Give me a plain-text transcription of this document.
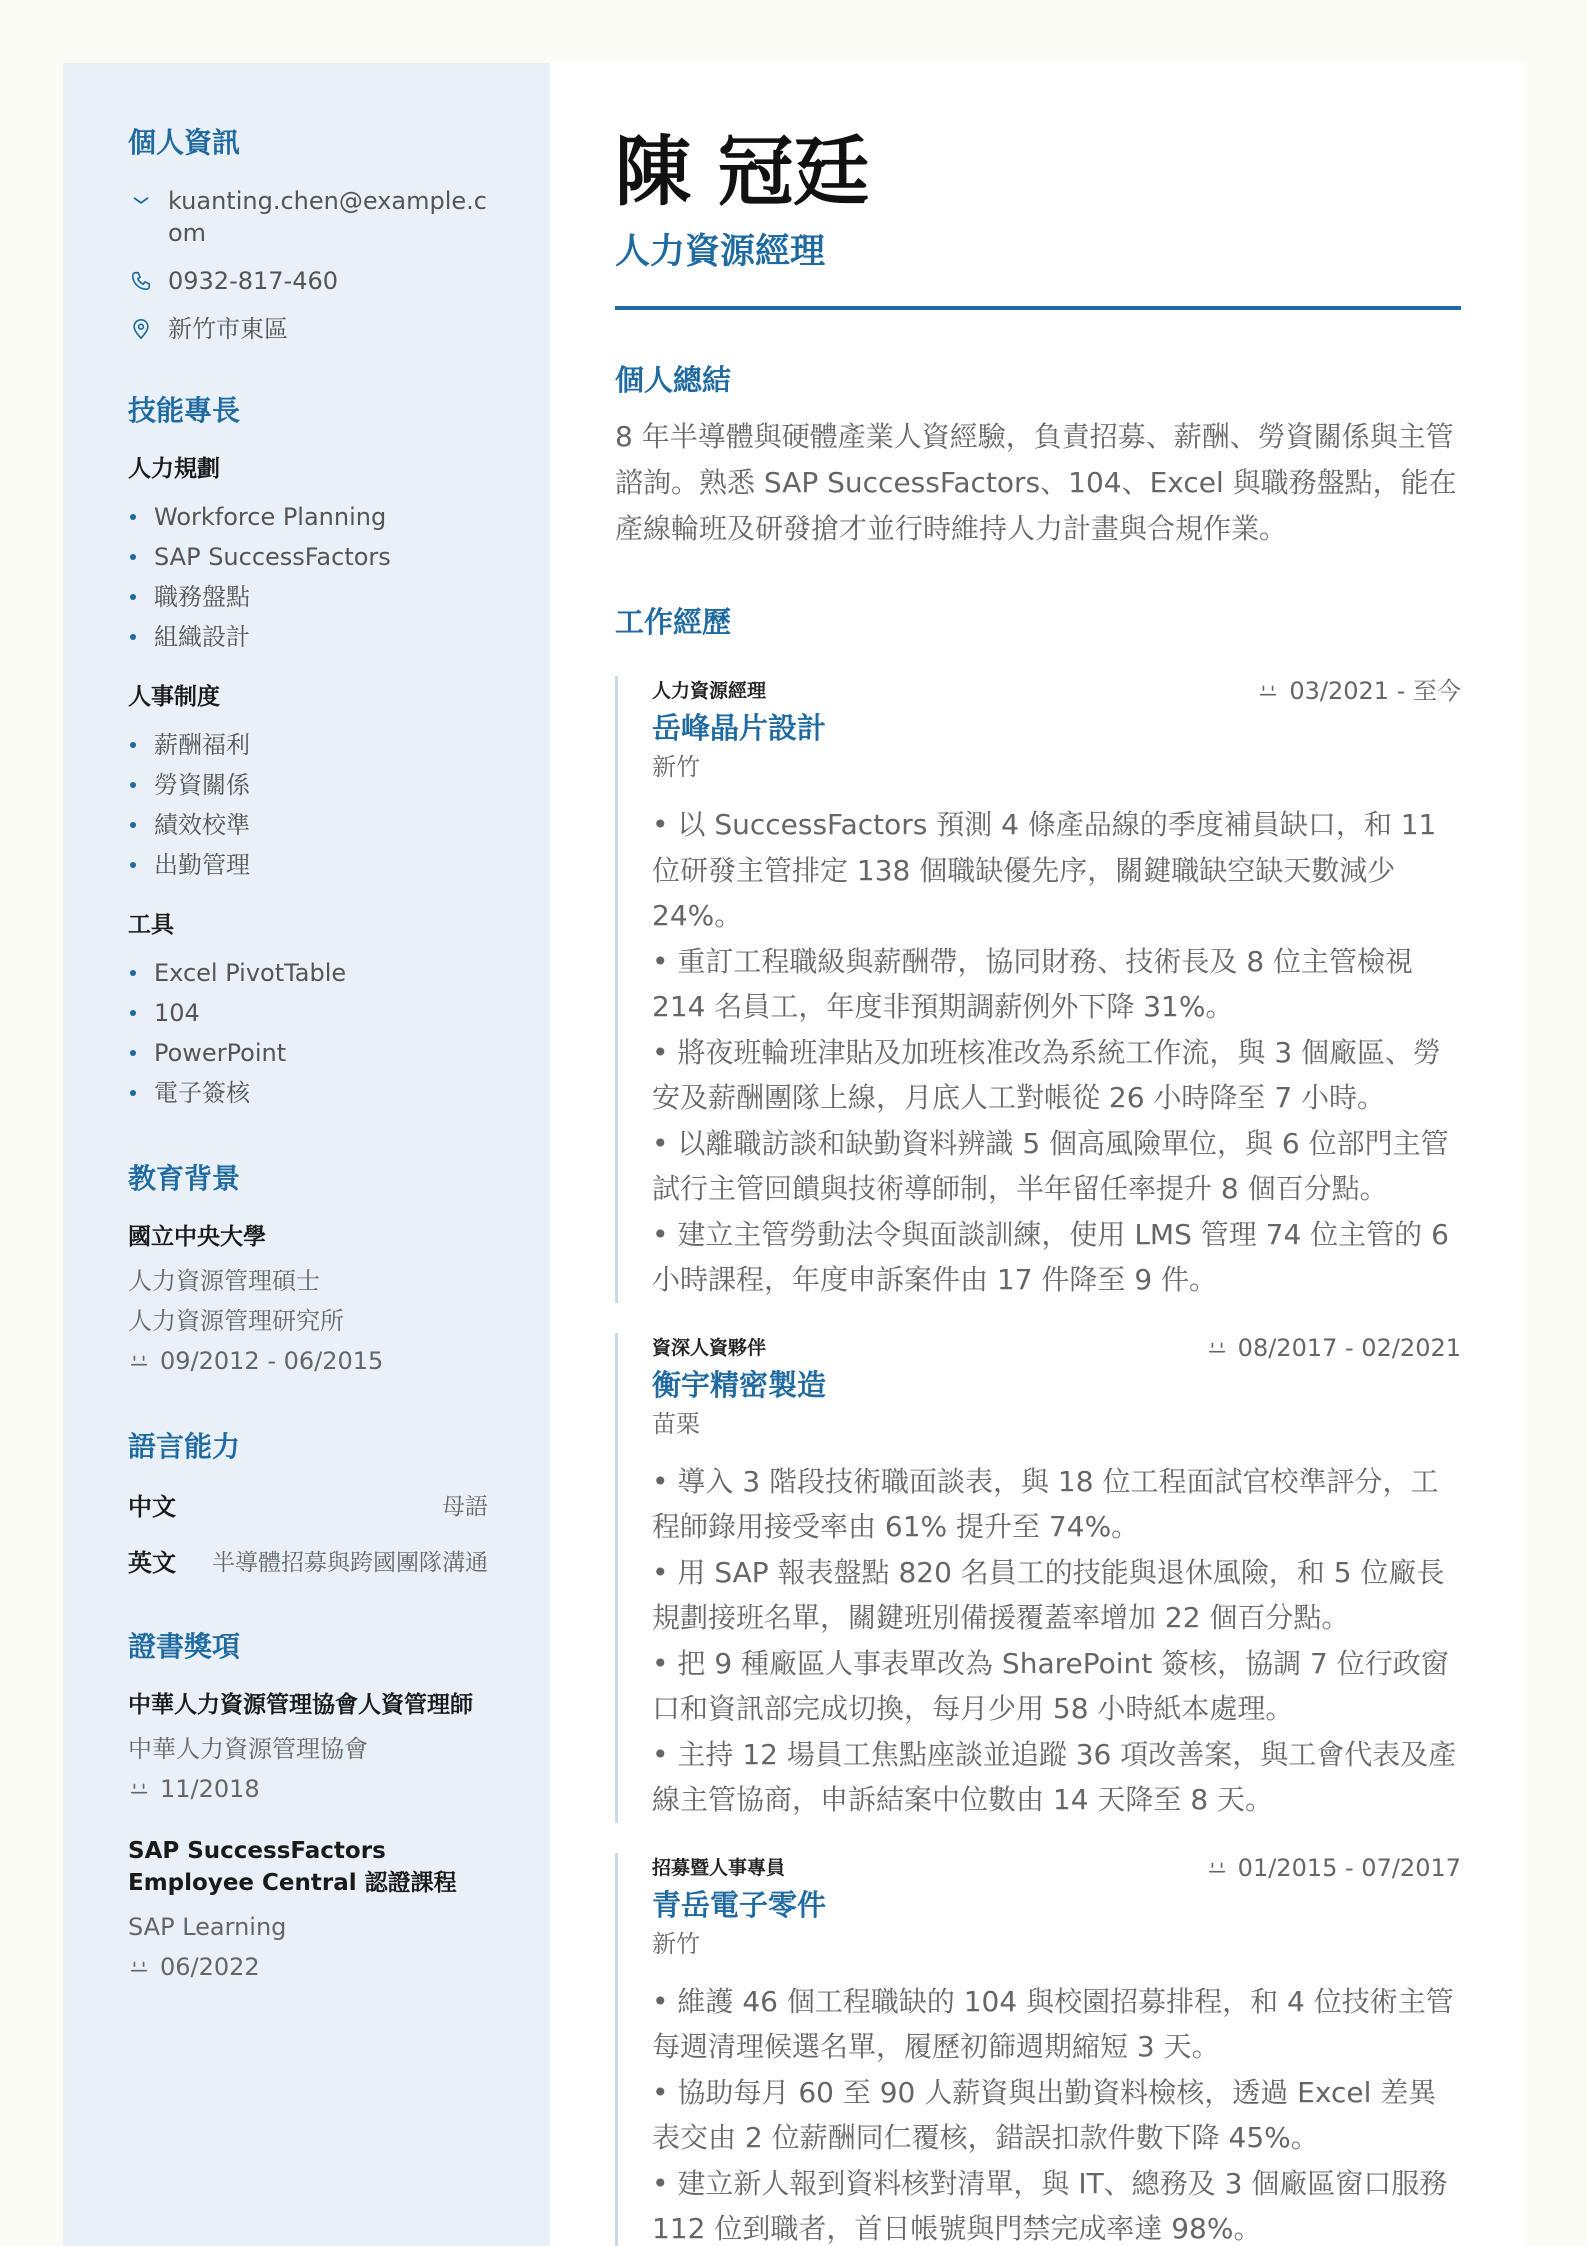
個人資訊
kuanting.chen@example.com
0932-817-460
新竹市東區
技能專長
人力規劃
Workforce Planning
SAP SuccessFactors
職務盤點
組織設計
人事制度
薪酬福利
勞資關係
績效校準
出勤管理
工具
Excel PivotTable
104
PowerPoint
電子簽核
教育背景
國立中央大學
人力資源管理碩士
人力資源管理研究所
09/2012 - 06/2015
語言能力
中文	母語
英文 半導體招募與跨國團隊溝通
證書獎項
中華人力資源管理協會人資管理師
中華人力資源管理協會
11/2018
SAP SuccessFactors Employee Central 認證課程
SAP Learning
06/2022
陳 冠廷
人力資源經理
個人總結

8 年半導體與硬體產業人資經驗，負責招募、薪酬、勞資關係與主管諮詢。熟悉 SAP SuccessFactors、104、Excel 與職務盤點，能在產線輪班及研發搶才並行時維持人力計畫與合規作業。

工作經歷
人力資源經理	03/2021 - 至今
岳峰晶片設計
新竹

• 以 SuccessFactors 預測 4 條產品線的季度補員缺口，和 11 位研發主管排定 138 個職缺優先序，關鍵職缺空缺天數減少 24%。

• 重訂工程職級與薪酬帶，協同財務、技術長及 8 位主管檢視 214 名員工，年度非預期調薪例外下降 31%。

• 將夜班輪班津貼及加班核准改為系統工作流，與 3 個廠區、勞安及薪酬團隊上線，月底人工對帳從 26 小時降至 7 小時。

• 以離職訪談和缺勤資料辨識 5 個高風險單位，與 6 位部門主管試行主管回饋與技術導師制，半年留任率提升 8 個百分點。

• 建立主管勞動法令與面談訓練，使用 LMS 管理 74 位主管的 6 小時課程，年度申訴案件由 17 件降至 9 件。

資深人資夥伴	08/2017 - 02/2021
衡宇精密製造
苗栗

• 導入 3 階段技術職面談表，與 18 位工程面試官校準評分，工程師錄用接受率由 61% 提升至 74%。

• 用 SAP 報表盤點 820 名員工的技能與退休風險，和 5 位廠長規劃接班名單，關鍵班別備援覆蓋率增加 22 個百分點。

• 把 9 種廠區人事表單改為 SharePoint 簽核，協調 7 位行政窗口和資訊部完成切換，每月少用 58 小時紙本處理。

• 主持 12 場員工焦點座談並追蹤 36 項改善案，與工會代表及產線主管協商，申訴結案中位數由 14 天降至 8 天。

招募暨人事專員	01/2015 - 07/2017
青岳電子零件
新竹

• 維護 46 個工程職缺的 104 與校園招募排程，和 4 位技術主管每週清理候選名單，履歷初篩週期縮短 3 天。

• 協助每月 60 至 90 人薪資與出勤資料檢核，透過 Excel 差異表交由 2 位薪酬同仁覆核，錯誤扣款件數下降 45%。

• 建立新人報到資料核對清單，與 IT、總務及 3 個廠區窗口服務 112 位到職者，首日帳號與門禁完成率達 98%。
